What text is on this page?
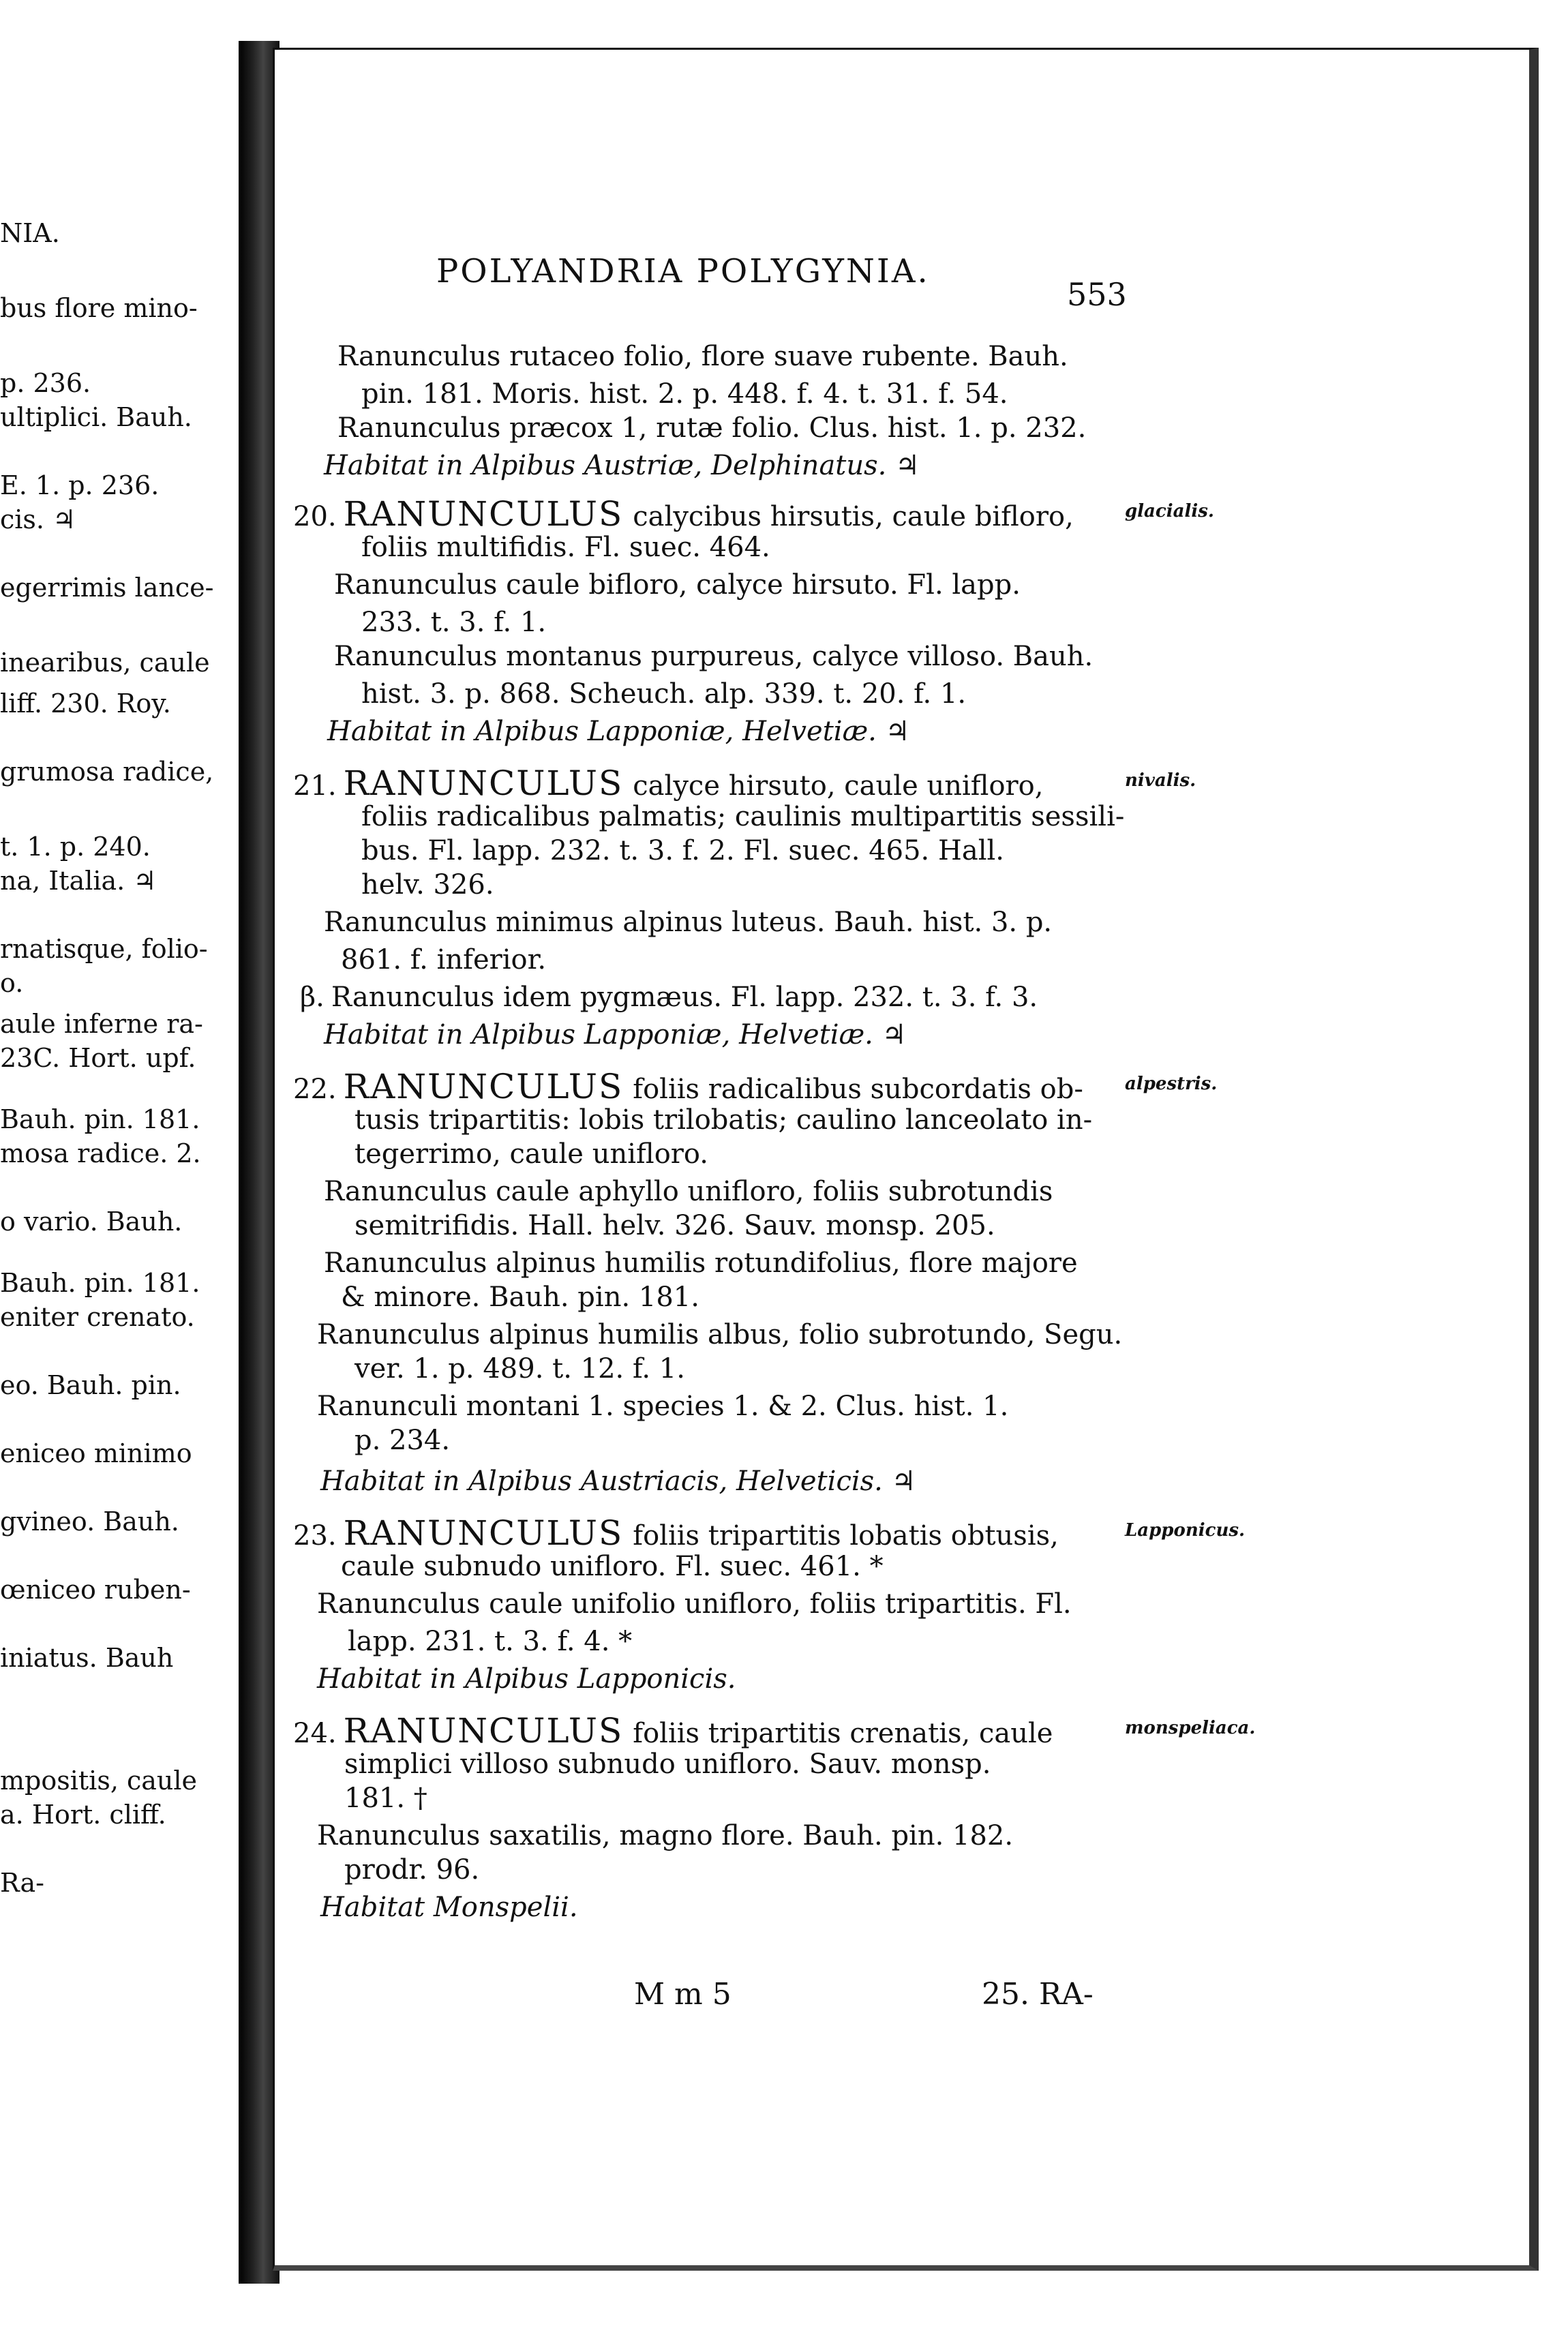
NIA.
bus flore mino-
p. 236.
ultiplici. Bauh.
Ε. 1. p. 236.
cis. ♃
egerrimis lance-
inearibus, caule
liff. 230. Roy.
grumosa radice,
t. 1. p. 240.
na, Italia. ♃
rnatisque, folio-
o.
aule inferne ra-
23C. Hort. upf.
Bauh. pin. 181.
mosa radice. 2.
o vario. Bauh.
Bauh. pin. 181.
eniter crenato.
eo. Bauh. pin.
eniceo minimo
gvineo. Bauh.
œniceo ruben-
iniatus. Bauh
mpositis, caule
a. Hort. cliff.
Ra-
POLYANDRIA POLYGYNIA.
553
Ranunculus rutaceo folio, flore suave rubente. Bauh.
pin. 181. Moris. hist. 2. p. 448. f. 4. t. 31. f. 54.
Ranunculus præcox 1, rutæ folio. Clus. hist. 1. p. 232.
Habitat in Alpibus Austriæ, Delphinatus. ♃
20. RANUNCULUS calycibus hirsutis, caule bifloro,	glacialis.
foliis multifidis. Fl. suec. 464.
Ranunculus caule bifloro, calyce hirsuto. Fl. lapp.
233. t. 3. f. 1.
Ranunculus montanus purpureus, calyce villoso. Bauh.
hist. 3. p. 868. Scheuch. alp. 339. t. 20. f. 1.
Habitat in Alpibus Lapponiæ, Helvetiæ. ♃
21. RANUNCULUS calyce hirsuto, caule unifloro,	nivalis.
foliis radicalibus palmatis; caulinis multipartitis sessili-
bus. Fl. lapp. 232. t. 3. f. 2. Fl. suec. 465. Hall.
helv. 326.
Ranunculus minimus alpinus luteus. Bauh. hist. 3. p.
861. f. inferior.
β. Ranunculus idem pygmæus. Fl. lapp. 232. t. 3. f. 3.
Habitat in Alpibus Lapponiæ, Helvetiæ. ♃
22. RANUNCULUS foliis radicalibus subcordatis ob- alpestris.
tusis tripartitis: lobis trilobatis; caulino lanceolato in-
tegerrimo, caule unifloro.
Ranunculus caule aphyllo unifloro, foliis subrotundis
semitrifidis. Hall. helv. 326. Sauv. monsp. 205.
Ranunculus alpinus humilis rotundifolius, flore majore
& minore. Bauh. pin. 181.
Ranunculus alpinus humilis albus, folio subrotundo, Segu.
ver. 1. p. 489. t. 12. f. 1.
Ranunculi montani 1. species 1. & 2. Clus. hist. 1.
p. 234.
Habitat in Alpibus Austriacis, Helveticis. ♃
23. RANUNCULUS foliis tripartitis lobatis obtusis,	Lapponicus.
caule subnudo unifloro. Fl. suec. 461. *
Ranunculus caule unifolio unifloro, foliis tripartitis. Fl.
lapp. 231. t. 3. f. 4. *
Habitat in Alpibus Lapponicis.
24. RANUNCULUS foliis tripartitis crenatis, caule	monspeliaca.
simplici villoso subnudo unifloro. Sauv. monsp.
181. †
Ranunculus saxatilis, magno flore. Bauh. pin. 182.
prodr. 96.
Habitat Monspelii.
M m 5	25. RA-
